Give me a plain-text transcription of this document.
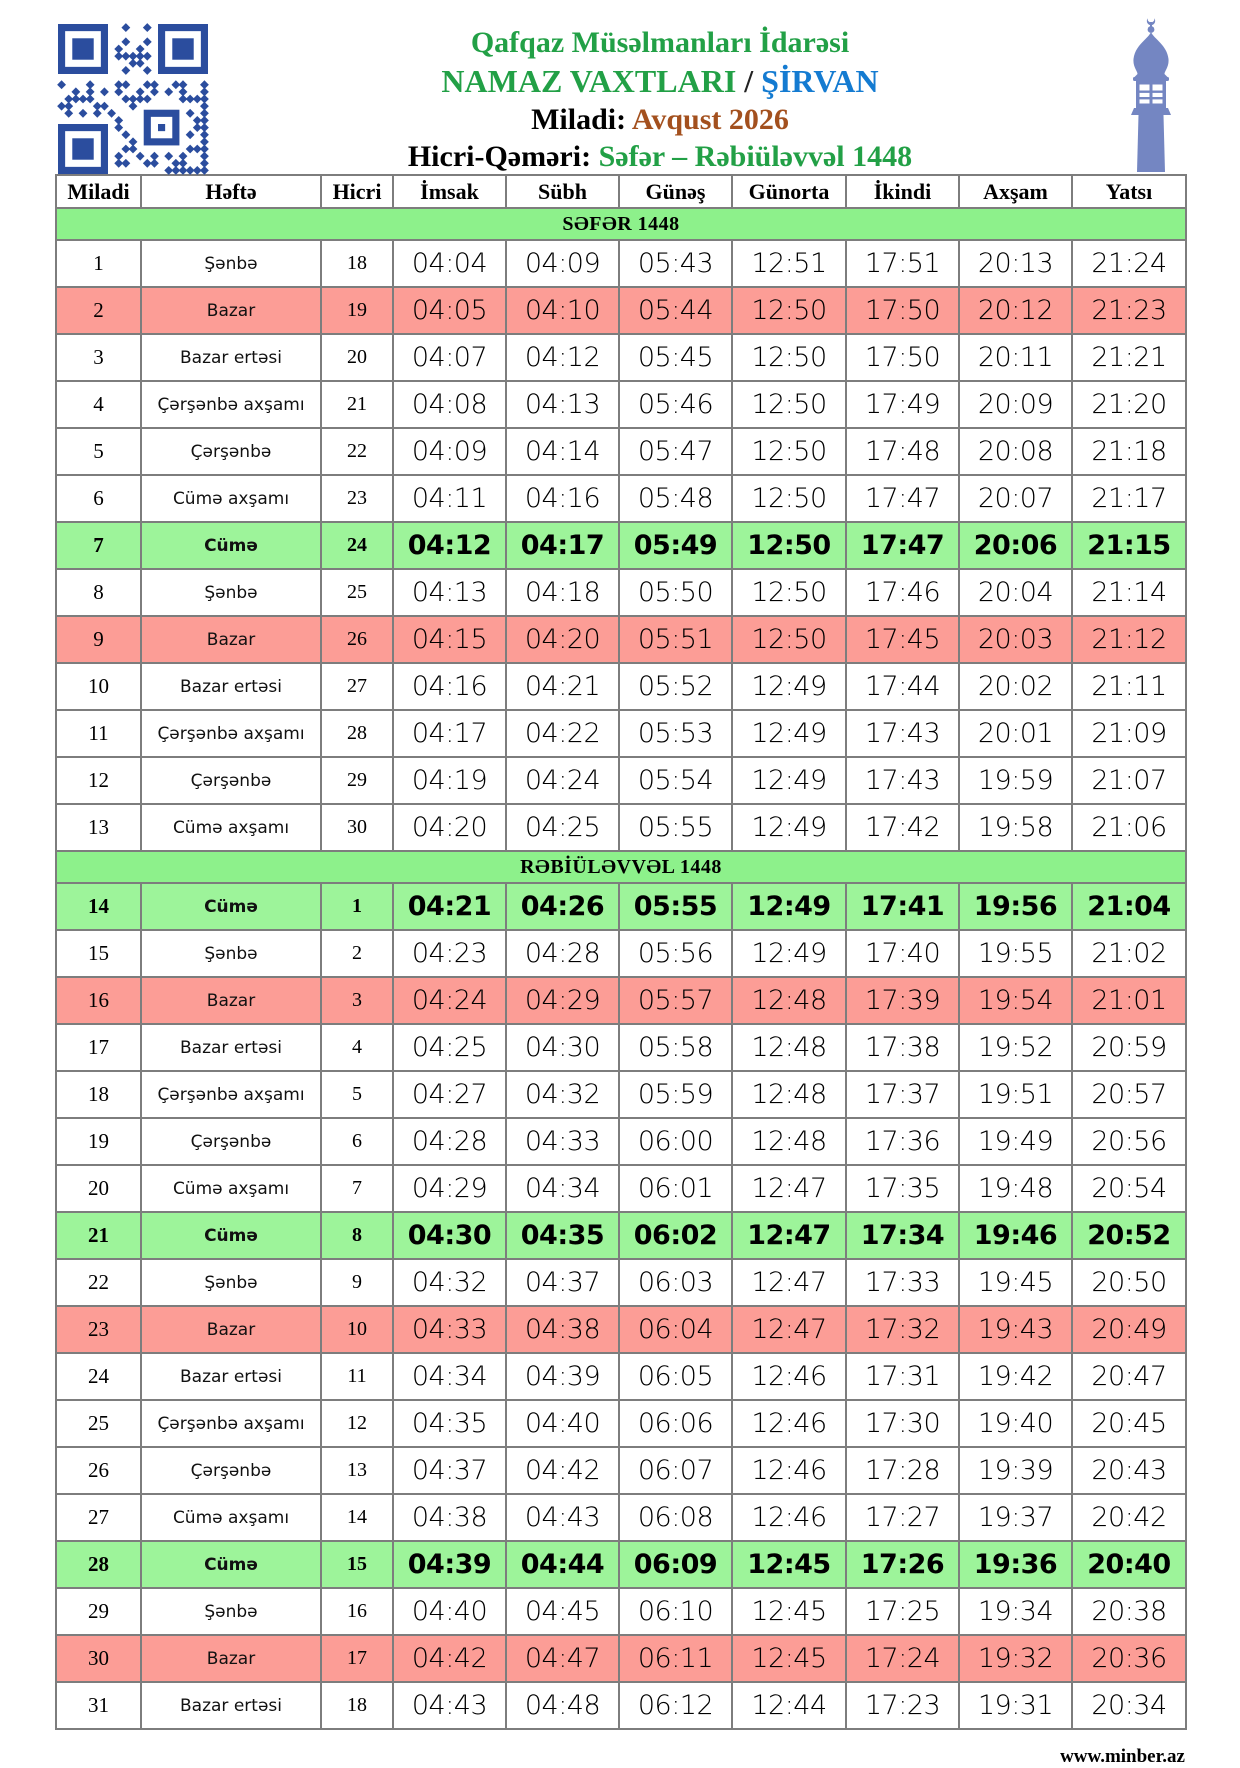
Qafqaz Müsəlmanları İdarəsi
NAMAZ VAXTLARI / ŞİRVAN
Miladi: Avqust 2026
Hicri-Qəməri: Səfər – Rəbiüləvvəl 1448
Miladi	Həftə	Hicri	İmsak	Sübh	Günəş	Günorta	İkindi	Axşam	Yatsı
SƏFƏR 1448									
1	Şənbə	18	04:04	04:09	05:43	12:51	17:51	20:13	21:24
2	Bazar	19	04:05	04:10	05:44	12:50	17:50	20:12	21:23
3	Bazar ertəsi	20	04:07	04:12	05:45	12:50	17:50	20:11	21:21
4	Çərşənbə axşamı	21	04:08	04:13	05:46	12:50	17:49	20:09	21:20
5	Çərşənbə	22	04:09	04:14	05:47	12:50	17:48	20:08	21:18
6	Cümə axşamı	23	04:11	04:16	05:48	12:50	17:47	20:07	21:17
7	Cümə	24	04:12	04:17	05:49	12:50	17:47	20:06	21:15
8	Şənbə	25	04:13	04:18	05:50	12:50	17:46	20:04	21:14
9	Bazar	26	04:15	04:20	05:51	12:50	17:45	20:03	21:12
10	Bazar ertəsi	27	04:16	04:21	05:52	12:49	17:44	20:02	21:11
11	Çərşənbə axşamı	28	04:17	04:22	05:53	12:49	17:43	20:01	21:09
12	Çərşənbə	29	04:19	04:24	05:54	12:49	17:43	19:59	21:07
13	Cümə axşamı	30	04:20	04:25	05:55	12:49	17:42	19:58	21:06
RƏBİÜLƏVVƏL 1448									
14	Cümə	1	04:21	04:26	05:55	12:49	17:41	19:56	21:04
15	Şənbə	2	04:23	04:28	05:56	12:49	17:40	19:55	21:02
16	Bazar	3	04:24	04:29	05:57	12:48	17:39	19:54	21:01
17	Bazar ertəsi	4	04:25	04:30	05:58	12:48	17:38	19:52	20:59
18	Çərşənbə axşamı	5	04:27	04:32	05:59	12:48	17:37	19:51	20:57
19	Çərşənbə	6	04:28	04:33	06:00	12:48	17:36	19:49	20:56
20	Cümə axşamı	7	04:29	04:34	06:01	12:47	17:35	19:48	20:54
21	Cümə	8	04:30	04:35	06:02	12:47	17:34	19:46	20:52
22	Şənbə	9	04:32	04:37	06:03	12:47	17:33	19:45	20:50
23	Bazar	10	04:33	04:38	06:04	12:47	17:32	19:43	20:49
24	Bazar ertəsi	11	04:34	04:39	06:05	12:46	17:31	19:42	20:47
25	Çərşənbə axşamı	12	04:35	04:40	06:06	12:46	17:30	19:40	20:45
26	Çərşənbə	13	04:37	04:42	06:07	12:46	17:28	19:39	20:43
27	Cümə axşamı	14	04:38	04:43	06:08	12:46	17:27	19:37	20:42
28	Cümə	15	04:39	04:44	06:09	12:45	17:26	19:36	20:40
29	Şənbə	16	04:40	04:45	06:10	12:45	17:25	19:34	20:38
30	Bazar	17	04:42	04:47	06:11	12:45	17:24	19:32	20:36
31	Bazar ertəsi	18	04:43	04:48	06:12	12:44	17:23	19:31	20:34
www.minber.az
